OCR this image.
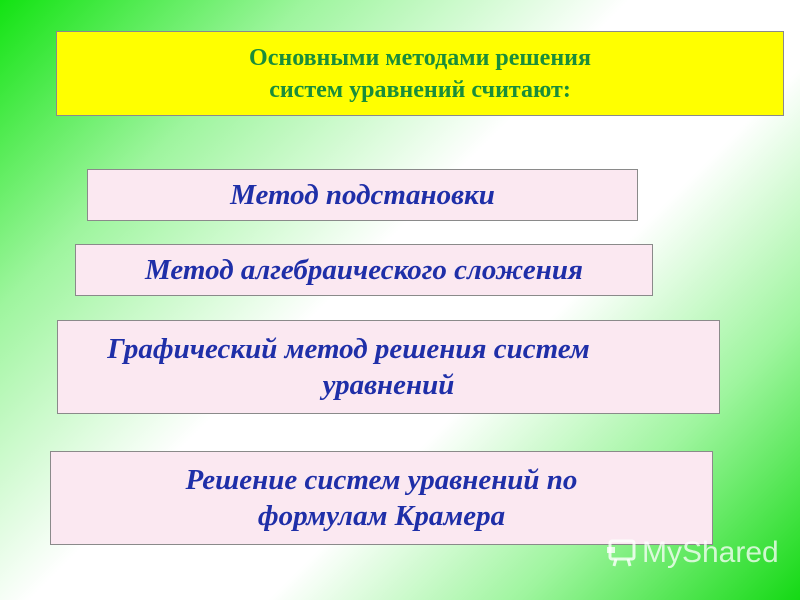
Основными методами решения
систем уравнений считают:
Метод подстановки
Метод алгебраического сложения
Графический метод решения систем
уравнений
Решение систем уравнений по
формулам Крамера
MyShared
